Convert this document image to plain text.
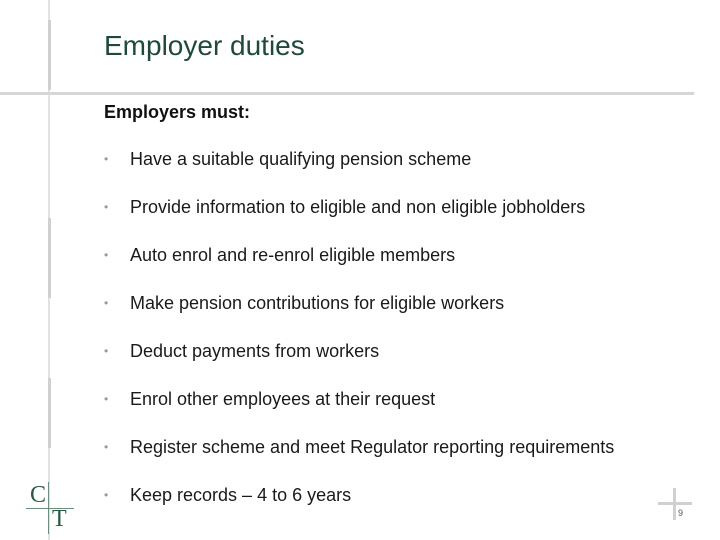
Employer duties
Employers must:
•	Have a suitable qualifying pension scheme
•	Provide information to eligible and non eligible jobholders
•	Auto enrol and re-enrol eligible members
•	Make pension contributions for eligible workers
•	Deduct payments from workers
•	Enrol other employees at their request
•	Register scheme and meet Regulator reporting requirements
•	Keep records – 4 to 6 years
C
T	9
